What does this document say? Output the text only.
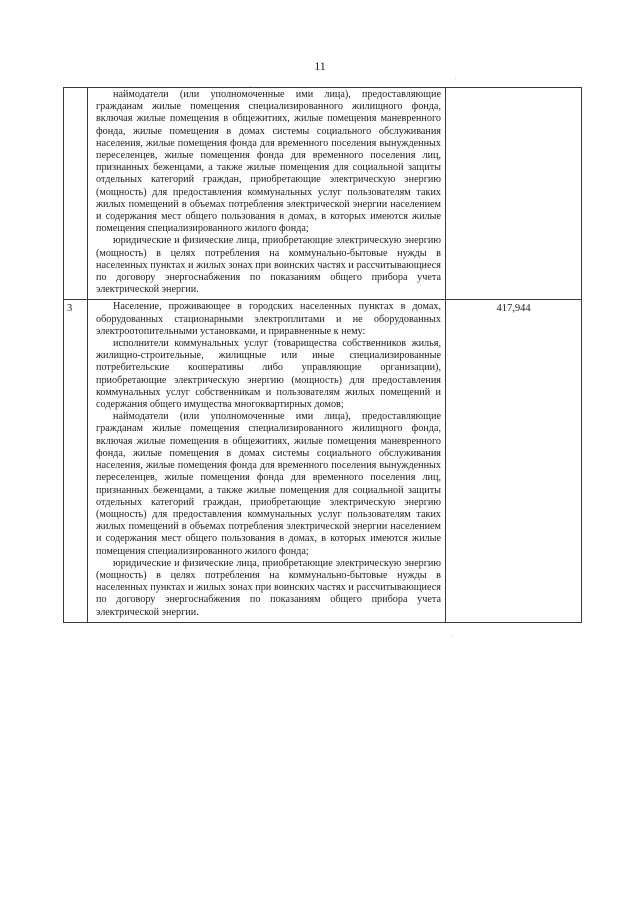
11

	наймодатели (или уполномоченные ими лица), предоставляющие гражданам жилые помещения специализированного жилищного фонда, включая жилые помещения в общежитиях, жилые помещения маневренного фонда, жилые помещения в домах системы социального обслуживания населения, жилые помещения фонда для временного поселения вынужденных переселенцев, жилые помещения фонда для временного поселения лиц, признанных беженцами, а также жилые помещения для социальной защиты отдельных категорий граждан, приобретающие электрическую энергию (мощность) для предоставления коммунальных услуг пользователям таких жилых помещений в объемах потребления электрической энергии населением и содержания мест общего пользования в домах, в которых имеются жилые помещения специализированного жилого фонда;

юридические и физические лица, приобретающие электрическую энергию (мощность) в целях потребления на коммунально-бытовые нужды в населенных пунктах и жилых зонах при воинских частях и рассчитывающиеся по договору энергоснабжения по показаниям общего прибора учета электрической энергии.	

3	Население, проживающее в городских населенных пунктах в домах, оборудованных стационарными электроплитами и не оборудованных электроотопительными установками, и приравненные к нему:

исполнители коммунальных услуг (товарищества собственников жилья, жилищно-строительные, жилищные или иные специализированные потребительские кооперативы либо управляющие организации), приобретающие электрическую энергию (мощность) для предоставления коммунальных услуг собственникам и пользователям жилых помещений и содержания общего имущества многоквартирных домов;

наймодатели (или уполномоченные ими лица), предоставляющие гражданам жилые помещения специализированного жилищного фонда, включая жилые помещения в общежитиях, жилые помещения маневренного фонда, жилые помещения в домах системы социального обслуживания населения, жилые помещения фонда для временного поселения вынужденных переселенцев, жилые помещения фонда для временного поселения лиц, признанных беженцами, а также жилые помещения для социальной защиты отдельных категорий граждан, приобретающие электрическую энергию (мощность) для предоставления коммунальных услуг пользователям таких жилых помещений в объемах потребления электрической энергии населением и содержания мест общего пользования в домах, в которых имеются жилые помещения специализированного жилого фонда;

юридические и физические лица, приобретающие электрическую энергию (мощность) в целях потребления на коммунально-бытовые нужды в населенных пунктах и жилых зонах при воинских частях и рассчитывающиеся по договору энергоснабжения по показаниям общего прибора учета электрической энергии.	417,944
